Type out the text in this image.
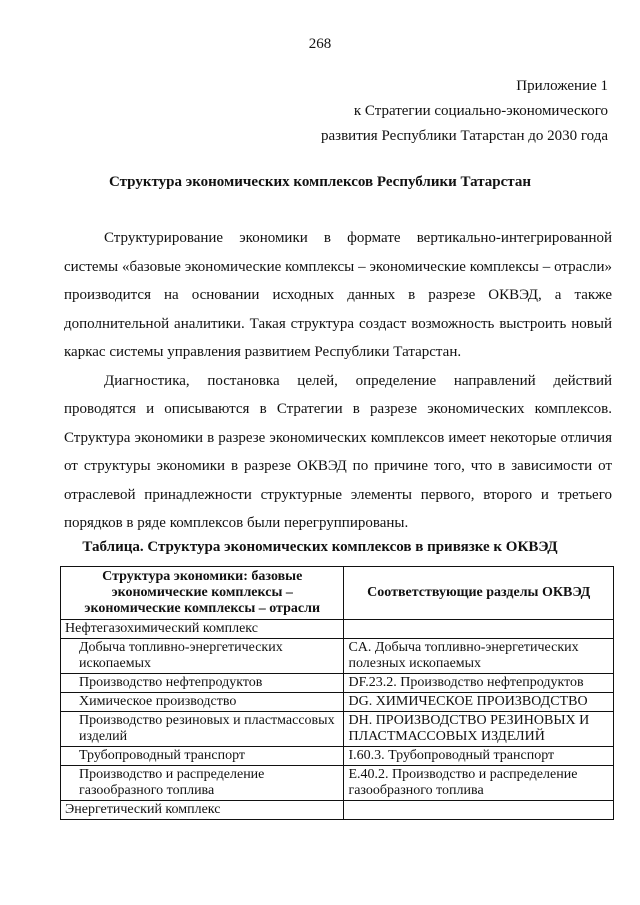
268
Приложение 1
к Стратегии социально-экономического
развития Республики Татарстан до 2030 года
Структура экономических комплексов Республики Татарстан

Структурирование экономики в формате вертикально-интегрированной системы «базовые экономические комплексы – экономические комплексы – отрасли» производится на основании исходных данных в разрезе ОКВЭД, а также дополнительной аналитики. Такая структура создаст возможность выстроить новый каркас системы управления развитием Республики Татарстан.

Диагностика, постановка целей, определение направлений действий проводятся и описываются в Стратегии в разрезе экономических комплексов. Структура экономики в разрезе экономических комплексов имеет некоторые отличия от структуры экономики в разрезе ОКВЭД по причине того, что в зависимости от отраслевой принадлежности структурные элементы первого, второго и третьего порядков в ряде комплексов были перегруппированы.

Таблица. Структура экономических комплексов в привязке к ОКВЭД
Структура экономики: базовые экономические комплексы – экономические комплексы – отрасли	Соответствующие разделы ОКВЭД
Нефтегазохимический комплекс	
Добыча топливно-энергетических ископаемых	CA. Добыча топливно-энергетических полезных ископаемых
Производство нефтепродуктов	DF.23.2. Производство нефтепродуктов
Химическое производство	DG. ХИМИЧЕСКОЕ ПРОИЗВОДСТВО
Производство резиновых и пластмассовых изделий	DH. ПРОИЗВОДСТВО РЕЗИНОВЫХ И ПЛАСТМАССОВЫХ ИЗДЕЛИЙ
Трубопроводный транспорт	I.60.3. Трубопроводный транспорт
Производство и распределение газообразного топлива	E.40.2. Производство и распределение газообразного топлива
Энергетический комплекс	
